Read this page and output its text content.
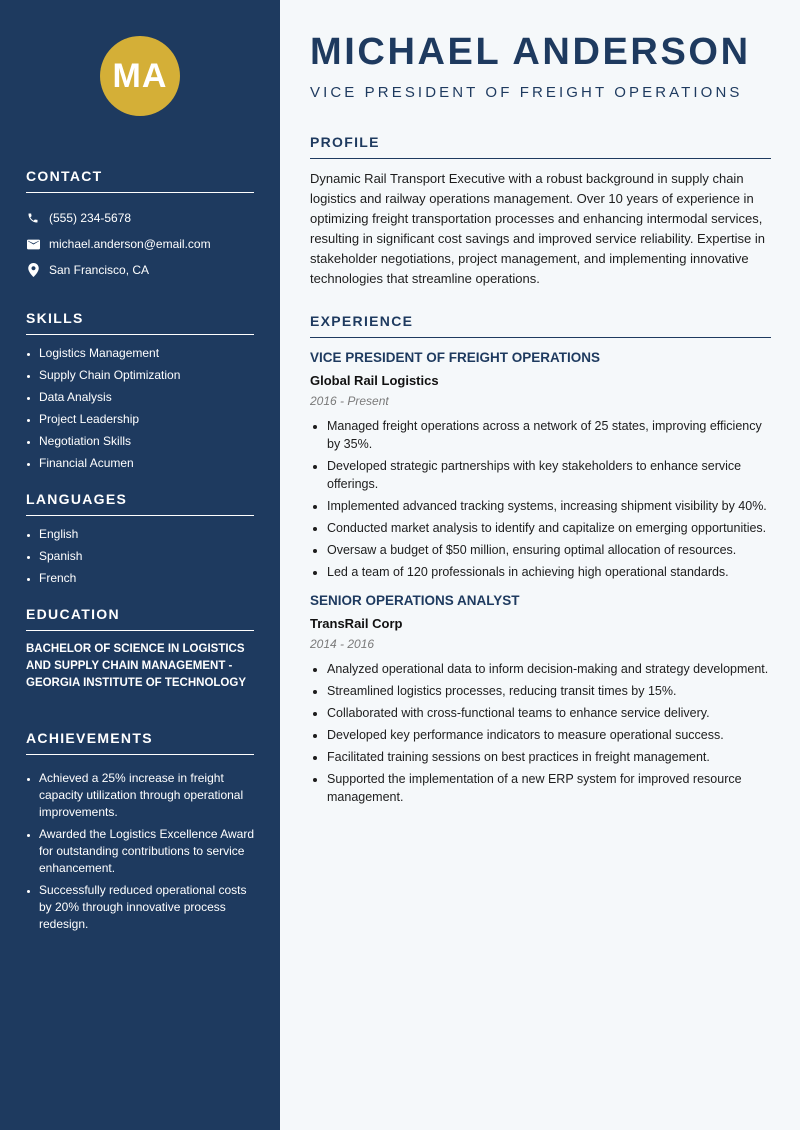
MA
CONTACT
(555) 234-5678
michael.anderson@email.com
San Francisco, CA
SKILLS
• Logistics Management
• Supply Chain Optimization
• Data Analysis
• Project Leadership
• Negotiation Skills
• Financial Acumen
LANGUAGES
• English
• Spanish
• French
EDUCATION
BACHELOR OF SCIENCE IN LOGISTICS AND SUPPLY CHAIN MANAGEMENT - GEORGIA INSTITUTE OF TECHNOLOGY
ACHIEVEMENTS
• Achieved a 25% increase in freight capacity utilization through operational improvements.
• Awarded the Logistics Excellence Award for outstanding contributions to service enhancement.
• Successfully reduced operational costs by 20% through innovative process redesign.
MICHAEL ANDERSON
VICE PRESIDENT OF FREIGHT OPERATIONS
PROFILE

Dynamic Rail Transport Executive with a robust background in supply chain logistics and railway operations management. Over 10 years of experience in optimizing freight transportation processes and enhancing intermodal services, resulting in significant cost savings and improved service reliability. Expertise in stakeholder negotiations, project management, and implementing innovative technologies that streamline operations.

EXPERIENCE
VICE PRESIDENT OF FREIGHT OPERATIONS
Global Rail Logistics
2016 - Present
• Managed freight operations across a network of 25 states, improving efficiency by 35%.
• Developed strategic partnerships with key stakeholders to enhance service offerings.
• Implemented advanced tracking systems, increasing shipment visibility by 40%.
• Conducted market analysis to identify and capitalize on emerging opportunities.
• Oversaw a budget of $50 million, ensuring optimal allocation of resources.
• Led a team of 120 professionals in achieving high operational standards.
SENIOR OPERATIONS ANALYST
TransRail Corp
2014 - 2016
• Analyzed operational data to inform decision-making and strategy development.
• Streamlined logistics processes, reducing transit times by 15%.
• Collaborated with cross-functional teams to enhance service delivery.
• Developed key performance indicators to measure operational success.
• Facilitated training sessions on best practices in freight management.
• Supported the implementation of a new ERP system for improved resource management.
